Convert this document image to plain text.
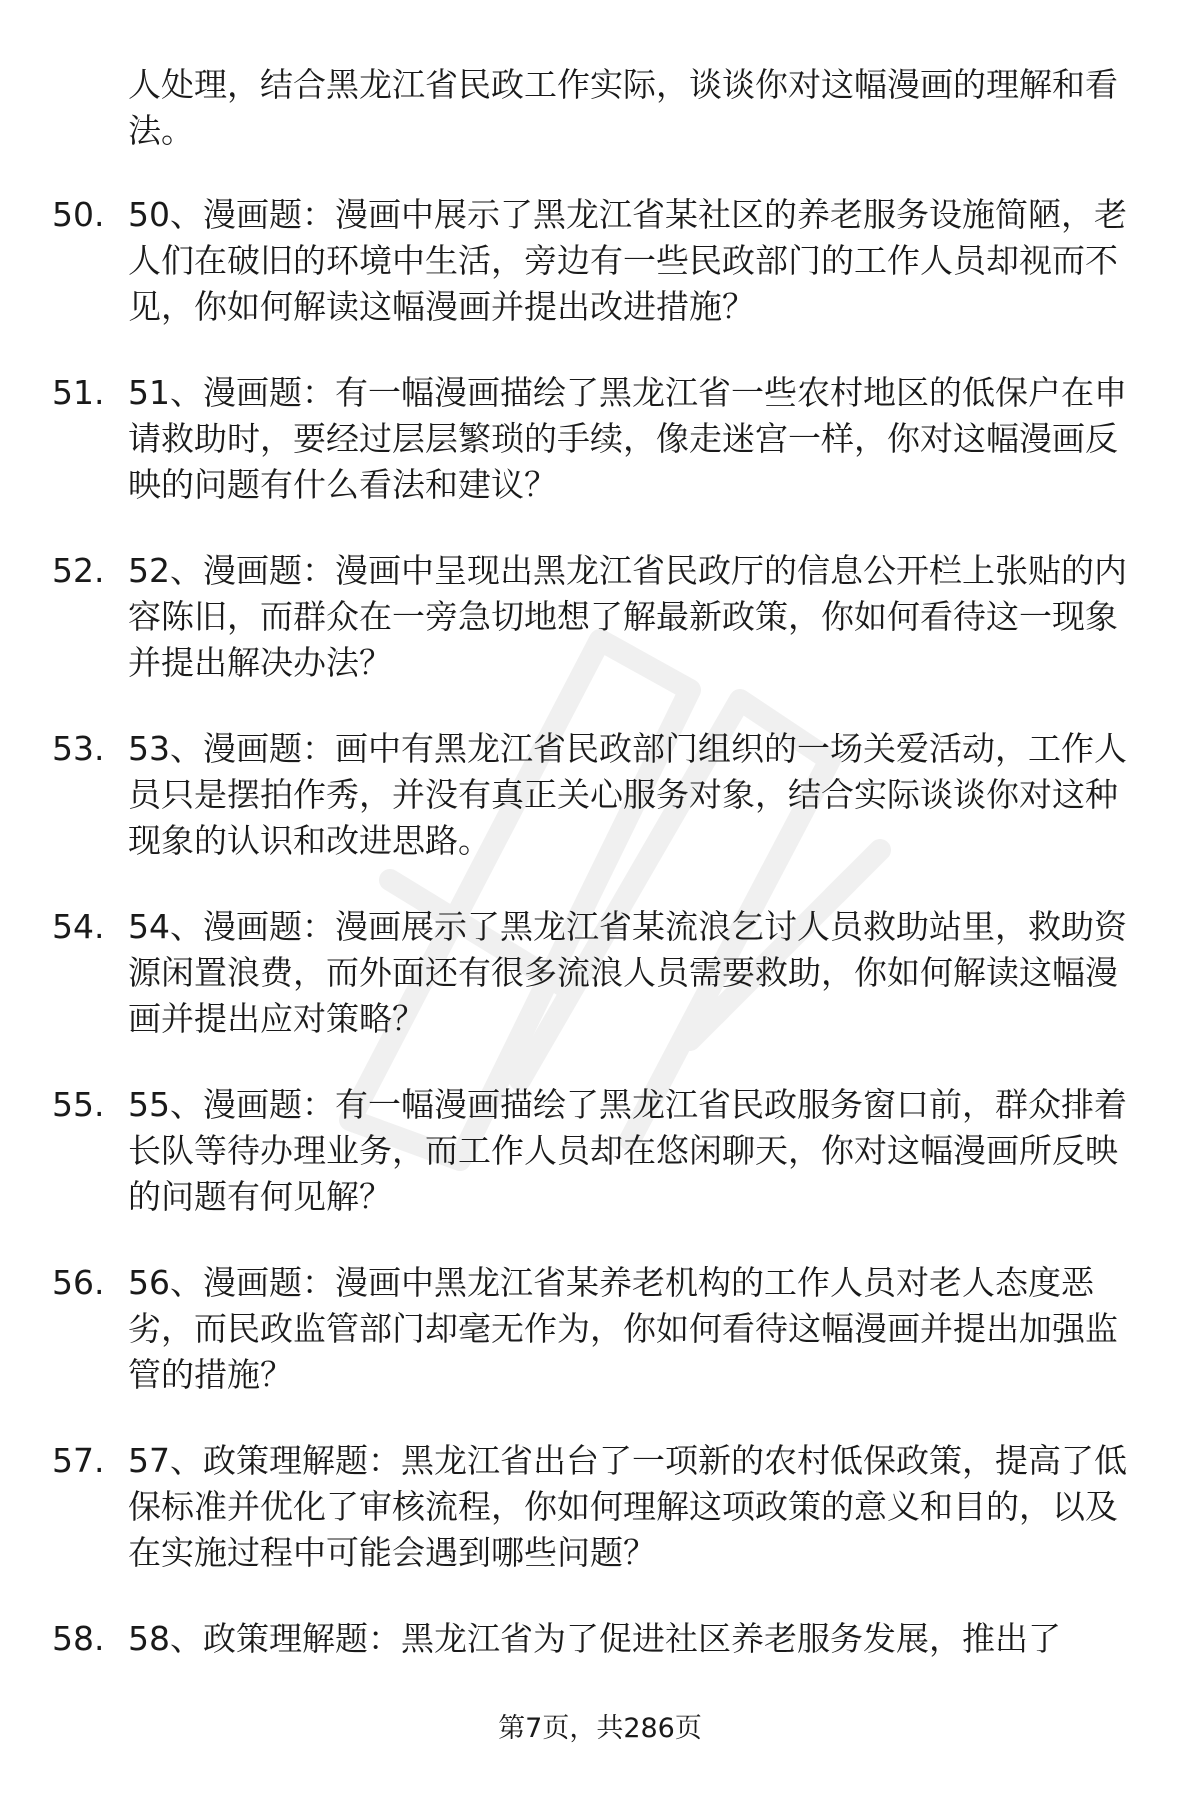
人处理，结合黑龙江省民政工作实际，谈谈你对这幅漫画的理解和看法。

50. 50、漫画题：漫画中展示了黑龙江省某社区的养老服务设施简陋，老人们在破旧的环境中生活，旁边有一些民政部门的工作人员却视而不见，你如何解读这幅漫画并提出改进措施？

51. 51、漫画题：有一幅漫画描绘了黑龙江省一些农村地区的低保户在申请救助时，要经过层层繁琐的手续，像走迷宫一样，你对这幅漫画反映的问题有什么看法和建议？

52. 52、漫画题：漫画中呈现出黑龙江省民政厅的信息公开栏上张贴的内容陈旧，而群众在一旁急切地想了解最新政策，你如何看待这一现象并提出解决办法？

53. 53、漫画题：画中有黑龙江省民政部门组织的一场关爱活动，工作人员只是摆拍作秀，并没有真正关心服务对象，结合实际谈谈你对这种现象的认识和改进思路。

54. 54、漫画题：漫画展示了黑龙江省某流浪乞讨人员救助站里，救助资源闲置浪费，而外面还有很多流浪人员需要救助，你如何解读这幅漫画并提出应对策略？

55. 55、漫画题：有一幅漫画描绘了黑龙江省民政服务窗口前，群众排着长队等待办理业务，而工作人员却在悠闲聊天，你对这幅漫画所反映的问题有何见解？

56. 56、漫画题：漫画中黑龙江省某养老机构的工作人员对老人态度恶劣，而民政监管部门却毫无作为，你如何看待这幅漫画并提出加强监管的措施？

57. 57、政策理解题：黑龙江省出台了一项新的农村低保政策，提高了低保标准并优化了审核流程，你如何理解这项政策的意义和目的，以及在实施过程中可能会遇到哪些问题？

58. 58、政策理解题：黑龙江省为了促进社区养老服务发展，推出了

第7页，共286页
